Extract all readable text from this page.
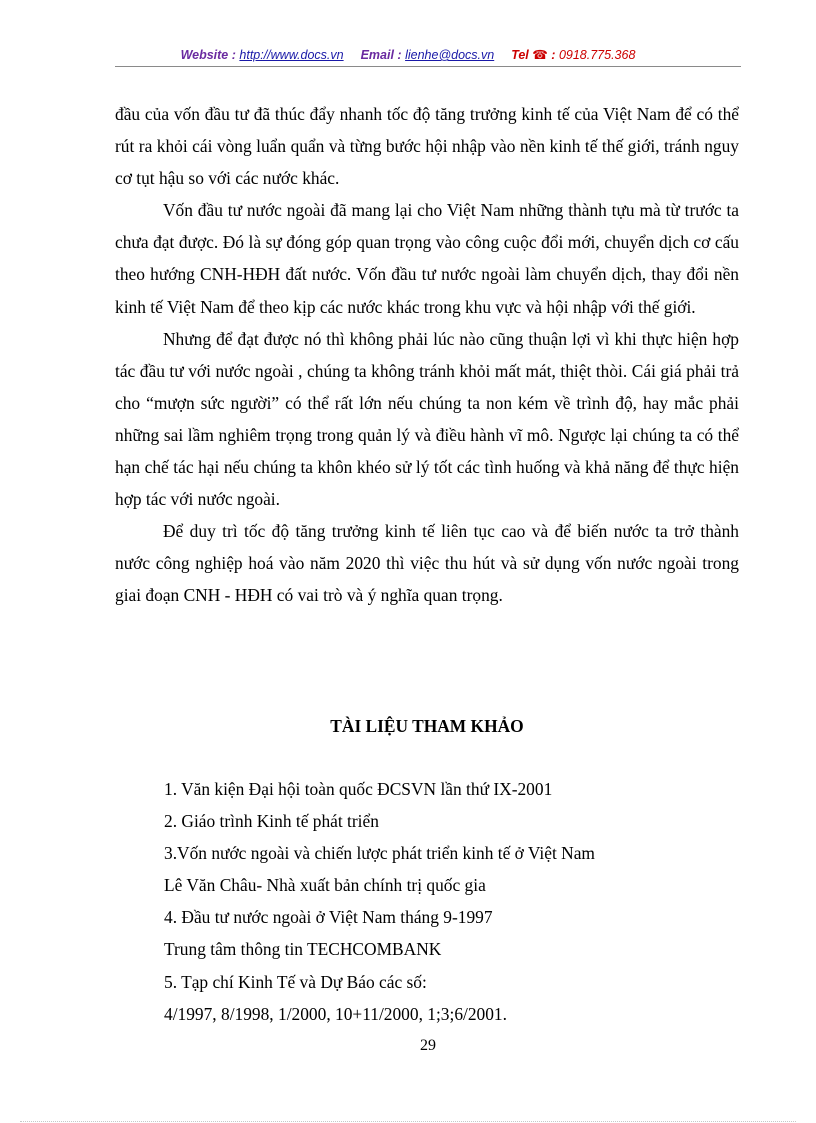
Website : http://www.docs.vn Email : lienhe@docs.vn Tel ☎ : 0918.775.368

đầu của vốn đầu tư đã thúc đẩy nhanh tốc độ tăng trưởng kinh tế của Việt Nam để có thể rút ra khỏi cái vòng luẩn quẩn và từng bước hội nhập vào nền kinh tế thế giới, tránh nguy cơ tụt hậu so với các nước khác.

Vốn đầu tư nước ngoài đã mang lại cho Việt Nam những thành tựu mà từ trước ta chưa đạt được. Đó là sự đóng góp quan trọng vào công cuộc đổi mới, chuyển dịch cơ cấu theo hướng CNH-HĐH đất nước. Vốn đầu tư nước ngoài làm chuyển dịch, thay đổi nền kinh tế Việt Nam để theo kịp các nước khác trong khu vực và hội nhập với thế giới.

Nhưng để đạt được nó thì không phải lúc nào cũng thuận lợi vì khi thực hiện hợp tác đầu tư với nước ngoài , chúng ta không tránh khỏi mất mát, thiệt thòi. Cái giá phải trả cho “mượn sức người” có thể rất lớn nếu chúng ta non kém về trình độ, hay mắc phải những sai lầm nghiêm trọng trong quản lý và điều hành vĩ mô. Ngược lại chúng ta có thể hạn chế tác hại nếu chúng ta khôn khéo sử lý tốt các tình huống và khả năng để thực hiện hợp tác với nước ngoài.

Để duy trì tốc độ tăng trưởng kinh tế liên tục cao và để biến nước ta trở thành nước công nghiệp hoá vào năm 2020 thì việc thu hút và sử dụng vốn nước ngoài trong giai đoạn CNH - HĐH có vai trò và ý nghĩa quan trọng.

TÀI LIỆU THAM KHẢO
1. Văn kiện Đại hội toàn quốc ĐCSVN lần thứ IX-2001
2. Giáo trình Kinh tế phát triển
3.Vốn nước ngoài và chiến lược phát triển kinh tế ở Việt Nam
Lê Văn Châu- Nhà xuất bản chính trị quốc gia
4. Đầu tư nước ngoài ở Việt Nam tháng 9-1997
Trung tâm thông tin TECHCOMBANK
5. Tạp chí Kinh Tế và Dự Báo các số:
4/1997, 8/1998, 1/2000, 10+11/2000, 1;3;6/2001.
29
